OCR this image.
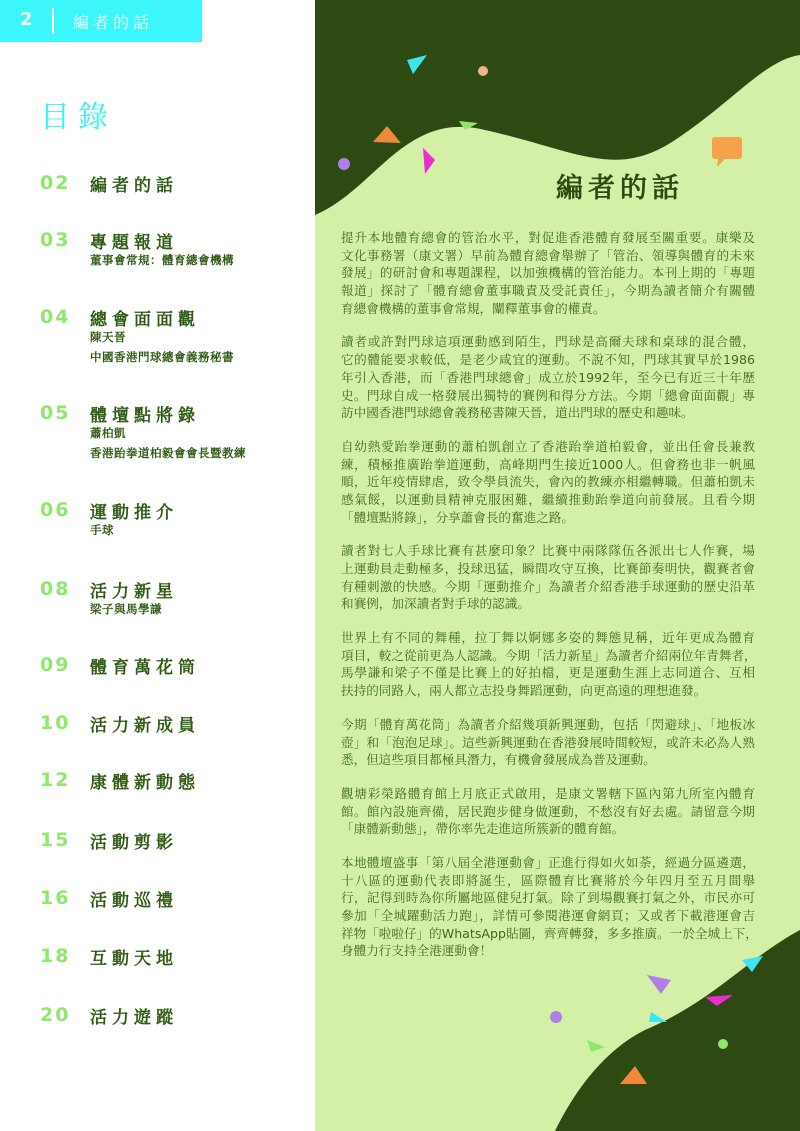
2	編者的話
目錄
02 編者的話
03 專題報道
董事會常規：體育總會機構
04 總會面面觀
陳天晉
中國香港門球總會義務秘書
05 體壇點將錄
蕭柏凱
香港跆拳道柏毅會會長暨教練
06 運動推介
手球
08 活力新星
梁子與馬學謙
09 體育萬花筒
10 活力新成員
12 康體新動態
15 活動剪影
16 活動巡禮
18 互動天地
20 活力遊蹤
編者的話
提升本地體育總會的管治水平，對促進香港體育發展至關重要。康樂及
文化事務署（康文署）早前為體育總會舉辦了「管治、領導與體育的未來
發展」的研討會和專題課程，以加強機構的管治能力。本刊上期的「專題
報道」探討了「體育總會董事職責及受託責任」，今期為讀者簡介有關體
育總會機構的董事會常規，闡釋董事會的權責。
讀者或許對門球這項運動感到陌生，門球是高爾夫球和桌球的混合體，
它的體能要求較低，是老少咸宜的運動。不說不知，門球其實早於1986
年引入香港，而「香港門球總會」成立於1992年，至今已有近三十年歷
史。門球自成一格發展出獨特的賽例和得分方法。今期「總會面面觀」專
訪中國香港門球總會義務秘書陳天晉，道出門球的歷史和趣味。
自幼熱愛跆拳運動的蕭柏凱創立了香港跆拳道柏毅會，並出任會長兼教
練，積極推廣跆拳道運動，高峰期門生接近1000人。但會務也非一帆風
順，近年疫情肆虐，致令學員流失，會內的教練亦相繼轉職。但蕭柏凱未
感氣餒，以運動員精神克服困難，繼續推動跆拳道向前發展。且看今期
「體壇點將錄」，分享蕭會長的奮進之路。
讀者對七人手球比賽有甚麼印象？比賽中兩隊隊伍各派出七人作賽，場
上運動員走動極多，投球迅猛，瞬間攻守互換，比賽節奏明快，觀賽者會
有種刺激的快感。今期「運動推介」為讀者介紹香港手球運動的歷史沿革
和賽例，加深讀者對手球的認識。
世界上有不同的舞種，拉丁舞以婀娜多姿的舞態見稱，近年更成為體育
項目，較之從前更為人認識。今期「活力新星」為讀者介紹兩位年青舞者，
馬學謙和梁子不僅是比賽上的好拍檔，更是運動生涯上志同道合、互相
扶持的同路人，兩人都立志投身舞蹈運動，向更高遠的理想進發。
今期「體育萬花筒」為讀者介紹幾項新興運動，包括「閃避球」、「地板冰
壺」和「泡泡足球」。這些新興運動在香港發展時間較短，或許未必為人熟
悉，但這些項目都極具潛力，有機會發展成為普及運動。
觀塘彩榮路體育館上月底正式啟用，是康文署轄下區內第九所室內體育
館。館內設施齊備，居民跑步健身做運動，不愁沒有好去處。請留意今期
「康體新動態」，帶你率先走進這所簇新的體育館。
本地體壇盛事「第八屆全港運動會」正進行得如火如荼，經過分區遴選，
十八區的運動代表即將誕生，區際體育比賽將於今年四月至五月間舉
行，記得到時為你所屬地區健兒打氣。除了到場觀賽打氣之外，市民亦可
參加「全城躍動活力跑」，詳情可參閱港運會網頁；又或者下載港運會吉
祥物「啦啦仔」的WhatsApp貼圖，齊齊轉發，多多推廣。一於全城上下，
身體力行支持全港運動會！
